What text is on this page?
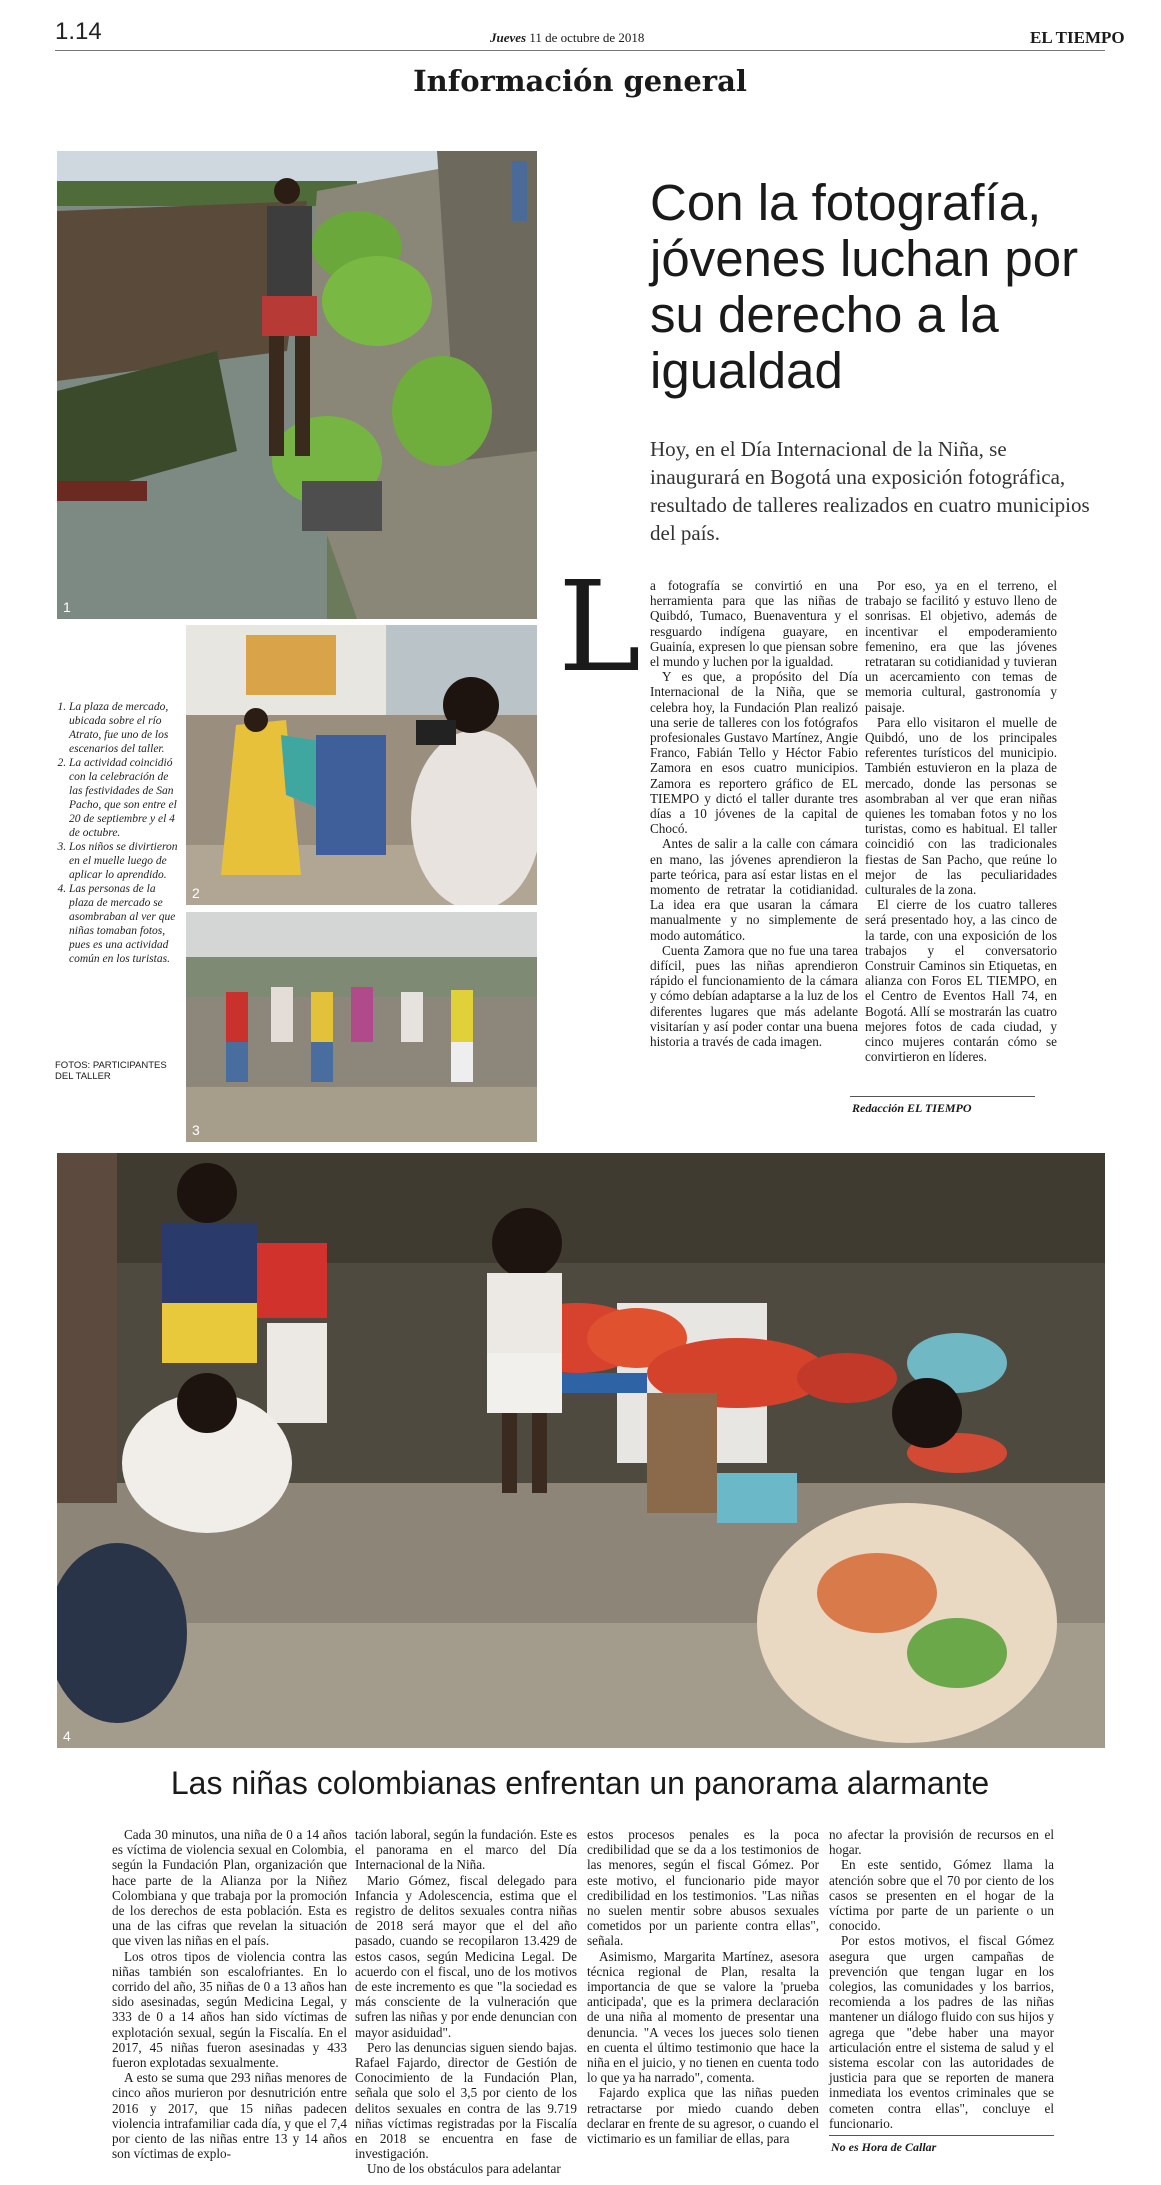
1.14	Jueves 11 de octubre de 2018	EL TIEMPO
Información general
1
2
3
1. La plaza de mercado, ubicada sobre el río Atrato, fue uno de los escenarios del taller.
2. La actividad coincidió con la celebración de las festividades de San Pacho, que son entre el 20 de septiembre y el 4 de octubre.
3. Los niños se divirtieron en el muelle luego de aplicar lo aprendido.
4. Las personas de la plaza de mercado se asombraban al ver que niñas tomaban fotos, pues es una actividad común en los turistas.
FOTOS: PARTICIPANTES DEL TALLER
Con la fotografía, jóvenes luchan por su derecho a la igualdad
Hoy, en el Día Internacional de la Niña, se inaugurará en Bogotá una exposición fotográfica, resultado de talleres realizados en cuatro municipios del país.
L a fotografía se convirtió en una herramienta para que las niñas de Quibdó, Tumaco, Buenaventura y el resguardo indígena guayare, en Guainía, expresen lo que piensan sobre el mundo y luchen por la igualdad.

Y es que, a propósito del Día Internacional de la Niña, que se celebra hoy, la Fundación Plan realizó una serie de talleres con los fotógrafos profesionales Gustavo Martínez, Angie Franco, Fabián Tello y Héctor Fabio Zamora en esos cuatro municipios. Zamora es reportero gráfico de EL TIEMPO y dictó el taller durante tres días a 10 jóvenes de la capital de Chocó.

Antes de salir a la calle con cámara en mano, las jóvenes aprendieron la parte teórica, para así estar listas en el momento de retratar la cotidianidad. La idea era que usaran la cámara manualmente y no simplemente de modo automático.

Cuenta Zamora que no fue una tarea difícil, pues las niñas aprendieron rápido el funcionamiento de la cámara y cómo debían adaptarse a la luz de los diferentes lugares que más adelante visitarían y así poder contar una buena historia a través de cada imagen.

Por eso, ya en el terreno, el trabajo se facilitó y estuvo lleno de sonrisas. El objetivo, además de incentivar el empoderamiento femenino, era que las jóvenes retrataran su cotidianidad y tuvieran un acercamiento con temas de memoria cultural, gastronomía y paisaje.

Para ello visitaron el muelle de Quibdó, uno de los principales referentes turísticos del municipio. También estuvieron en la plaza de mercado, donde las personas se asombraban al ver que eran niñas quienes les tomaban fotos y no los turistas, como es habitual. El taller coincidió con las tradicionales fiestas de San Pacho, que reúne lo mejor de las peculiaridades culturales de la zona.

El cierre de los cuatro talleres será presentado hoy, a las cinco de la tarde, con una exposición de los trabajos y el conversatorio Construir Caminos sin Etiquetas, en alianza con Foros EL TIEMPO, en el Centro de Eventos Hall 74, en Bogotá. Allí se mostrarán las cuatro mejores fotos de cada ciudad, y cinco mujeres contarán cómo se convirtieron en líderes.

Redacción EL TIEMPO
4
Las niñas colombianas enfrentan un panorama alarmante

Cada 30 minutos, una niña de 0 a 14 años es víctima de violencia sexual en Colombia, según la Fundación Plan, organización que hace parte de la Alianza por la Niñez Colombiana y que trabaja por la promoción de los derechos de esta población. Esta es una de las cifras que revelan la situación que viven las niñas en el país.

Los otros tipos de violencia contra las niñas también son escalofriantes. En lo corrido del año, 35 niñas de 0 a 13 años han sido asesinadas, según Medicina Legal, y 333 de 0 a 14 años han sido víctimas de explotación sexual, según la Fiscalía. En el 2017, 45 niñas fueron asesinadas y 433 fueron explotadas sexualmente.

A esto se suma que 293 niñas menores de cinco años murieron por desnutrición entre 2016 y 2017, que 15 niñas padecen violencia intrafamiliar cada día, y que el 7,4 por ciento de las niñas entre 13 y 14 años son víctimas de explo-

tación laboral, según la fundación. Este es el panorama en el marco del Día Internacional de la Niña.

Mario Gómez, fiscal delegado para Infancia y Adolescencia, estima que el registro de delitos sexuales contra niñas de 2018 será mayor que el del año pasado, cuando se recopilaron 13.429 de estos casos, según Medicina Legal. De acuerdo con el fiscal, uno de los motivos de este incremento es que "la sociedad es más consciente de la vulneración que sufren las niñas y por ende denuncian con mayor asiduidad".

Pero las denuncias siguen siendo bajas. Rafael Fajardo, director de Gestión de Conocimiento de la Fundación Plan, señala que solo el 3,5 por ciento de los delitos sexuales en contra de las 9.719 niñas víctimas registradas por la Fiscalía en 2018 se encuentra en fase de investigación.

Uno de los obstáculos para adelantar

estos procesos penales es la poca credibilidad que se da a los testimonios de las menores, según el fiscal Gómez. Por este motivo, el funcionario pide mayor credibilidad en los testimonios. "Las niñas no suelen mentir sobre abusos sexuales cometidos por un pariente contra ellas", señala.

Asimismo, Margarita Martínez, asesora técnica regional de Plan, resalta la importancia de que se valore la 'prueba anticipada', que es la primera declaración de una niña al momento de presentar una denuncia. "A veces los jueces solo tienen en cuenta el último testimonio que hace la niña en el juicio, y no tienen en cuenta todo lo que ya ha narrado", comenta.

Fajardo explica que las niñas pueden retractarse por miedo cuando deben declarar en frente de su agresor, o cuando el victimario es un familiar de ellas, para

no afectar la provisión de recursos en el hogar.

En este sentido, Gómez llama la atención sobre que el 70 por ciento de los casos se presenten en el hogar de la víctima por parte de un pariente o un conocido.

Por estos motivos, el fiscal Gómez asegura que urgen campañas de prevención que tengan lugar en los colegios, las comunidades y los barrios, recomienda a los padres de las niñas mantener un diálogo fluido con sus hijos y agrega que "debe haber una mayor articulación entre el sistema de salud y el sistema escolar con las autoridades de justicia para que se reporten de manera inmediata los eventos criminales que se cometen contra ellas", concluye el funcionario.

No es Hora de Callar
